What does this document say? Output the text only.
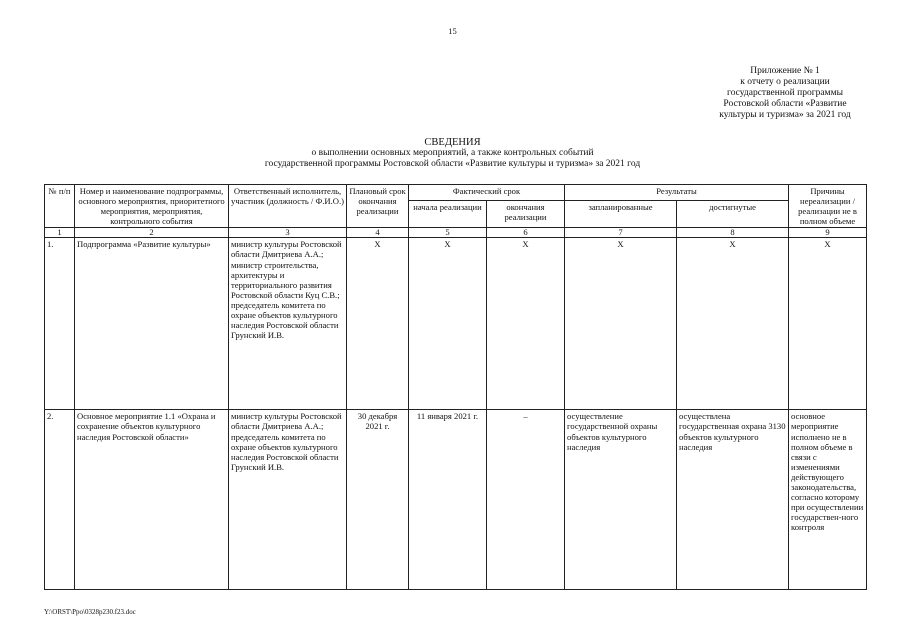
15
Приложение № 1
к отчету о реализации
государственной программы
Ростовской области «Развитие
культуры и туризма» за 2021 год
СВЕДЕНИЯ
о выполнении основных мероприятий, а также контрольных событий
государственной программы Ростовской области «Развитие культуры и туризма» за 2021 год
№ п/п	Номер и наименование подпрограммы, основного мероприятия, приоритетного мероприятия, мероприятия, контрольного события	Ответственный исполнитель, участник (должность / Ф.И.О.)	Плановый срок окончания реализации	Фактический срок		Результаты		Причины нереализации / реализации не в полном объеме
				начала реализации	окончания реализации	запланированные	достигнутые	
1	2	3	4	5	6	7	8	9
1.	Подпрограмма «Развитие культуры»	министр культуры Ростовской области Дмитриева А.А.; министр строительства, архитектуры и территориального развития Ростовской области Куц С.В.; председатель комитета по охране объектов культурного наследия Ростовской области Грунский И.В.	X	X	X	X	X	X
2.	Основное мероприятие 1.1 «Охрана и сохранение объектов культурного наследия Ростовской области»	министр культуры Ростовской области Дмитриева А.А.; председатель комитета по охране объектов культурного наследия Ростовской области Грунский И.В.	30 декабря 2021 г.	11 января 2021 г.	–	осуществление государственной охраны объектов культурного наследия	осуществлена государственная охрана 3130 объектов культурного наследия	основное мероприятие исполнено не в полном объеме в связи с изменениями действующего законодательства, согласно которому при осуществлении государствен-ного контроля
Y:\ORST\Ppo\0328p230.f23.doc
